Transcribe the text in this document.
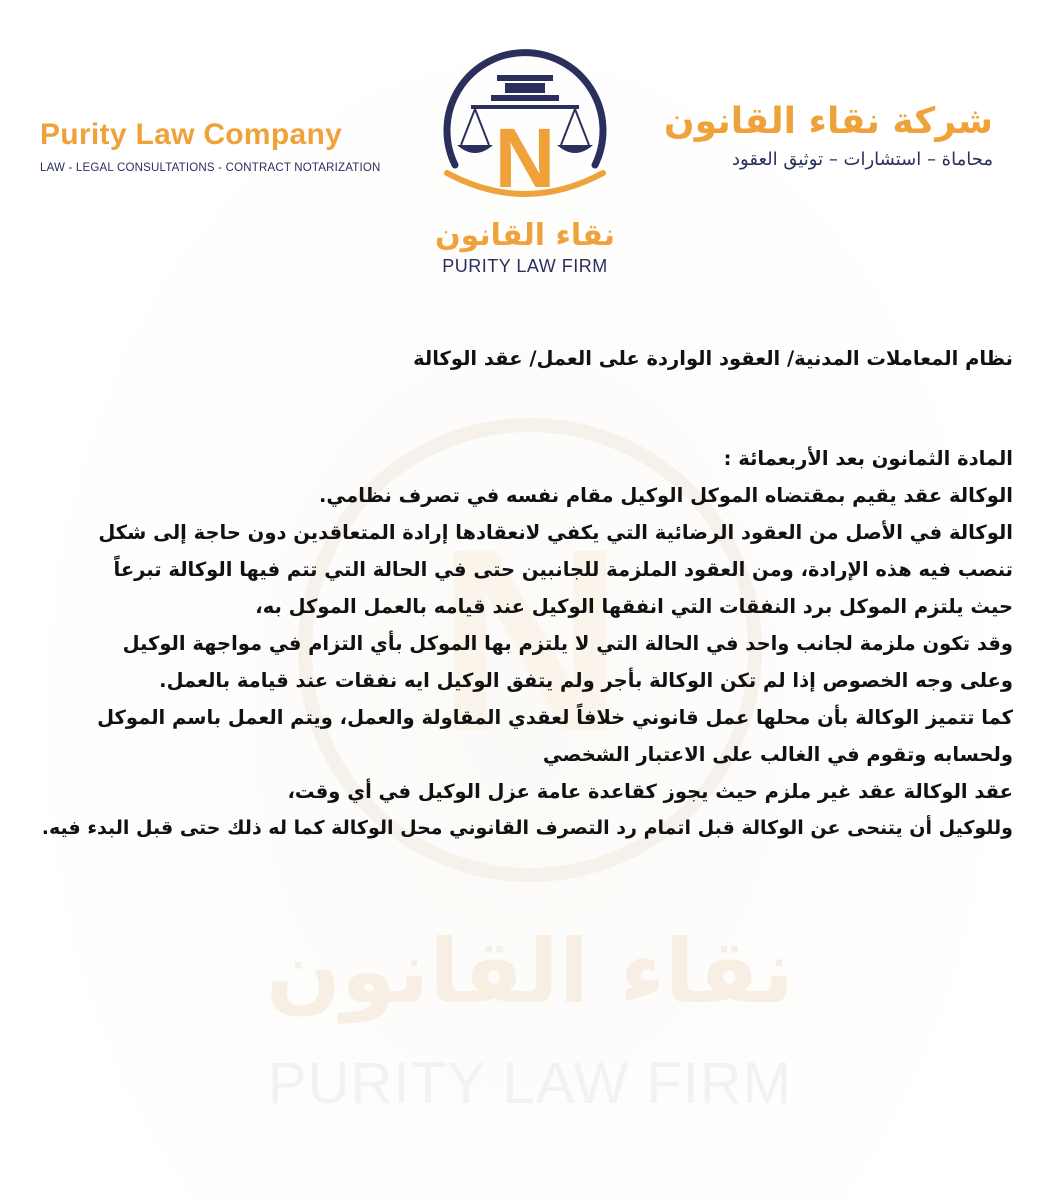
N
نقاء القانون
PURITY LAW FIRM
Purity Law Company
LAW - LEGAL CONSULTATIONS - CONTRACT NOTARIZATION N
نقاء القانون
PURITY LAW FIRM
شركة نقاء القانون
محاماة – استشارات – توثيق العقود
نظام المعاملات المدنية/ العقود الواردة على العمل/ عقد الوكالة
المادة الثمانون بعد الأربعمائة :
الوكالة عقد يقيم بمقتضاه الموكل الوكيل مقام نفسه في تصرف نظامي.
الوكالة في الأصل من العقود الرضائية التي يكفي لانعقادها إرادة المتعاقدين دون حاجة إلى شكل
تنصب فيه هذه الإرادة، ومن العقود الملزمة للجانبين حتى في الحالة التي تتم فيها الوكالة تبرعاً
حيث يلتزم الموكل برد النفقات التي انفقها الوكيل عند قيامه بالعمل الموكل به،
وقد تكون ملزمة لجانب واحد في الحالة التي لا يلتزم بها الموكل بأي التزام في مواجهة الوكيل
وعلى وجه الخصوص إذا لم تكن الوكالة بأجر ولم يتفق الوكيل ايه نفقات عند قيامة بالعمل.
كما تتميز الوكالة بأن محلها عمل قانوني خلافاً لعقدي المقاولة والعمل، ويتم العمل باسم الموكل
ولحسابه وتقوم في الغالب على الاعتبار الشخصي
عقد الوكالة عقد غير ملزم حيث يجوز كقاعدة عامة عزل الوكيل في أي وقت،
وللوكيل أن يتنحى عن الوكالة قبل اتمام رد التصرف القانوني محل الوكالة كما له ذلك حتى قبل البدء فيه.
